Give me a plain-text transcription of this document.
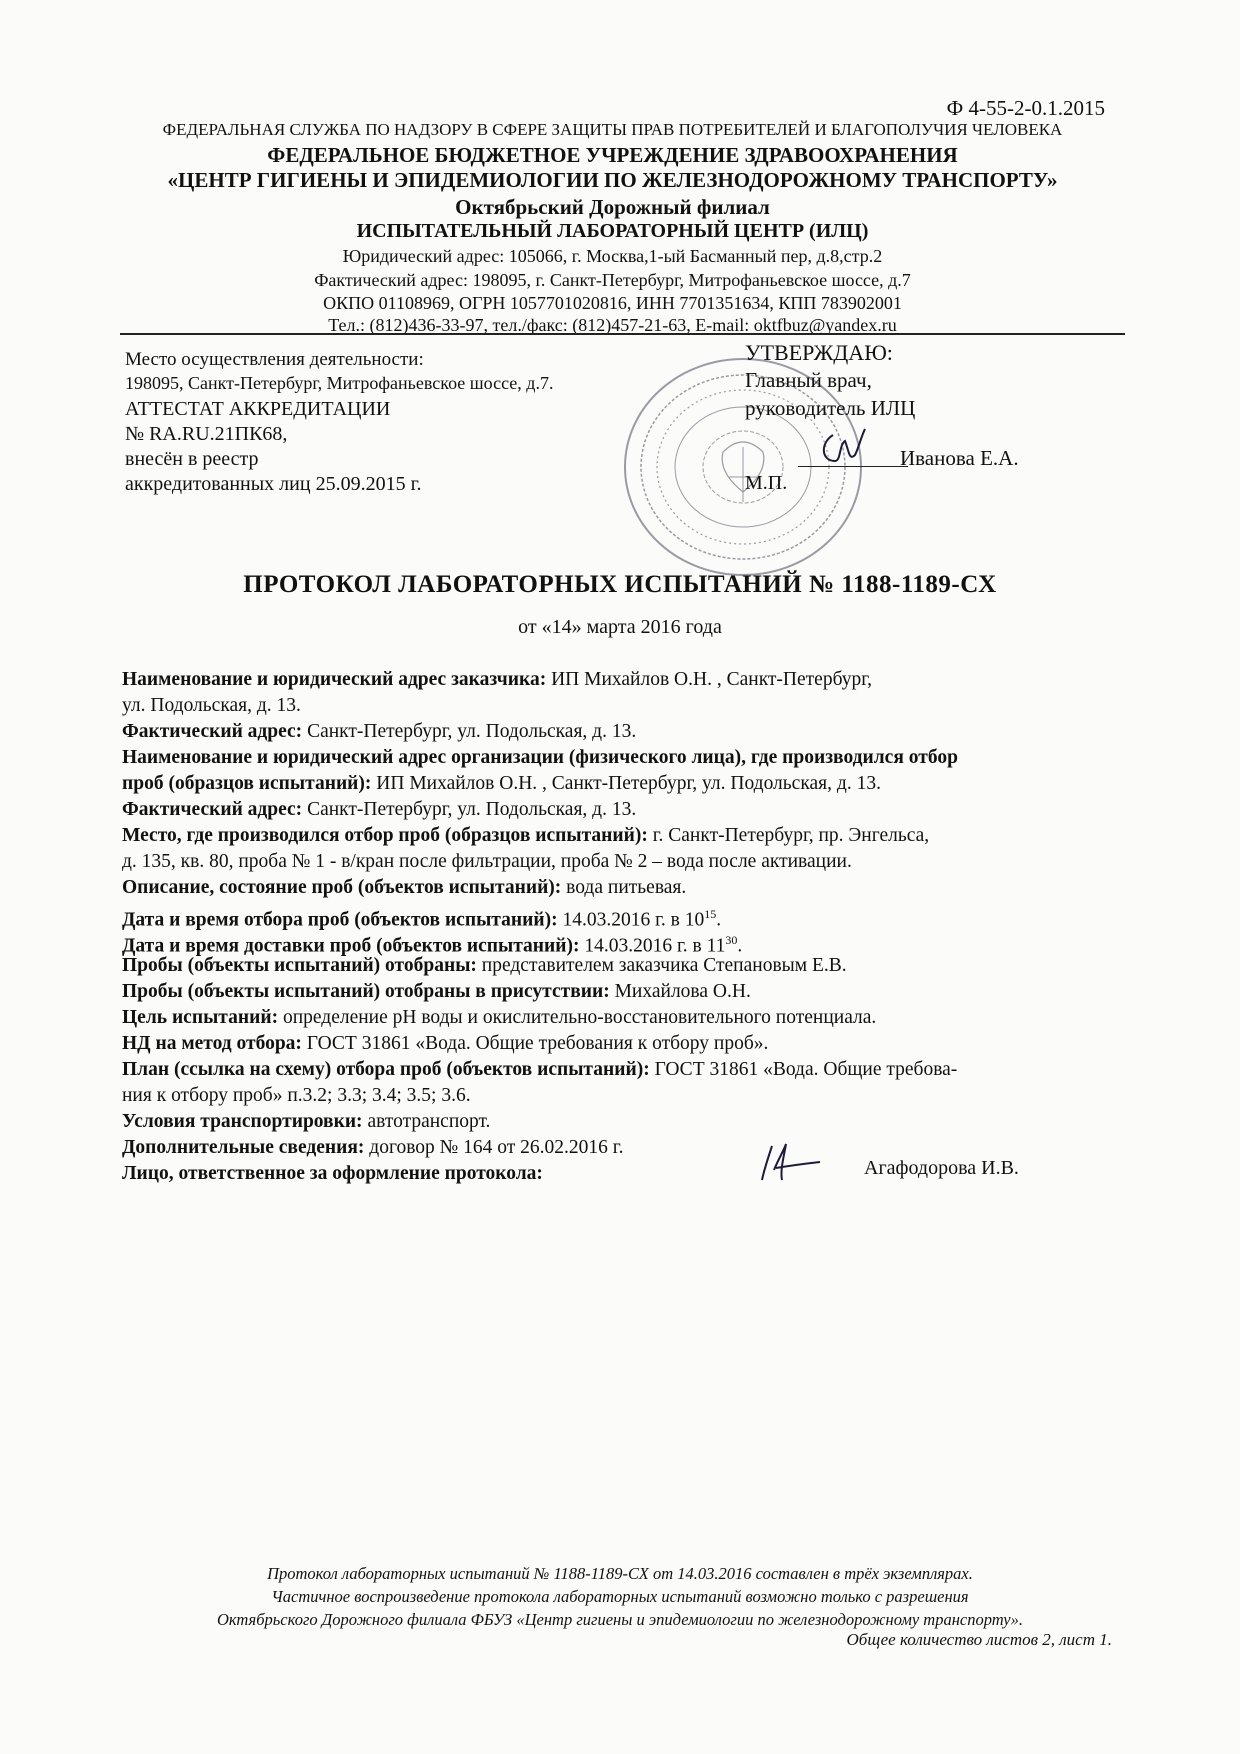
Ф 4-55-2-0.1.2015
ФЕДЕРАЛЬНАЯ СЛУЖБА ПО НАДЗОРУ В СФЕРЕ ЗАЩИТЫ ПРАВ ПОТРЕБИТЕЛЕЙ И БЛАГОПОЛУЧИЯ ЧЕЛОВЕКА
ФЕДЕРАЛЬНОЕ БЮДЖЕТНОЕ УЧРЕЖДЕНИЕ ЗДРАВООХРАНЕНИЯ
«ЦЕНТР ГИГИЕНЫ И ЭПИДЕМИОЛОГИИ ПО ЖЕЛЕЗНОДОРОЖНОМУ ТРАНСПОРТУ»
Октябрьский Дорожный филиал
ИСПЫТАТЕЛЬНЫЙ ЛАБОРАТОРНЫЙ ЦЕНТР (ИЛЦ)
Юридический адрес: 105066, г. Москва,1-ый Басманный пер, д.8,стр.2
Фактический адрес: 198095, г. Санкт-Петербург, Митрофаньевское шоссе, д.7
ОКПО 01108969, ОГРН 1057701020816, ИНН 7701351634, КПП 783902001
Тел.: (812)436-33-97, тел./факс: (812)457-21-63, E-mail: oktfbuz@yandex.ru
Место осуществления деятельности:
198095, Санкт-Петербург, Митрофаньевское шоссе, д.7.
АТТЕСТАТ АККРЕДИТАЦИИ
№ RA.RU.21ПК68,
внесён в реестр
аккредитованных лиц 25.09.2015 г.
УТВЕРЖДАЮ:
Главный врач,
руководитель ИЛЦ
Иванова Е.А.
М.П.
ПРОТОКОЛ ЛАБОРАТОРНЫХ ИСПЫТАНИЙ № 1188-1189-СХ
от «14» марта 2016 года
Наименование и юридический адрес заказчика: ИП Михайлов О.Н. , Санкт-Петербург,
ул. Подольская, д. 13.
Фактический адрес: Санкт-Петербург, ул. Подольская, д. 13.
Наименование и юридический адрес организации (физического лица), где производился отбор
проб (образцов испытаний): ИП Михайлов О.Н. , Санкт-Петербург, ул. Подольская, д. 13.
Фактический адрес: Санкт-Петербург, ул. Подольская, д. 13.
Место, где производился отбор проб (образцов испытаний): г. Санкт-Петербург, пр. Энгельса,
д. 135, кв. 80, проба № 1 - в/кран после фильтрации, проба № 2 – вода после активации.
Описание, состояние проб (объектов испытаний): вода питьевая.
Дата и время отбора проб (объектов испытаний): 14.03.2016 г. в $10^{15}$.
Дата и время доставки проб (объектов испытаний): 14.03.2016 г. в $11^{30}$.
Пробы (объекты испытаний) отобраны: представителем заказчика Степановым Е.В.
Пробы (объекты испытаний) отобраны в присутствии: Михайлова О.Н.
Цель испытаний: определение pH воды и окислительно-восстановительного потенциала.
НД на метод отбора: ГОСТ 31861 «Вода. Общие требования к отбору проб».
План (ссылка на схему) отбора проб (объектов испытаний): ГОСТ 31861 «Вода. Общие требова-
ния к отбору проб» п.3.2; 3.3; 3.4; 3.5; 3.6.
Условия транспортировки: автотранспорт.
Дополнительные сведения: договор № 164 от 26.02.2016 г.
Лицо, ответственное за оформление протокола:	Агафодорова И.В.
Протокол лабораторных испытаний № 1188-1189-СХ от 14.03.2016 составлен в трёх экземплярах.
Частичное воспроизведение протокола лабораторных испытаний возможно только с разрешения
Октябрьского Дорожного филиала ФБУЗ «Центр гигиены и эпидемиологии по железнодорожному транспорту».
Общее количество листов 2, лист 1.
